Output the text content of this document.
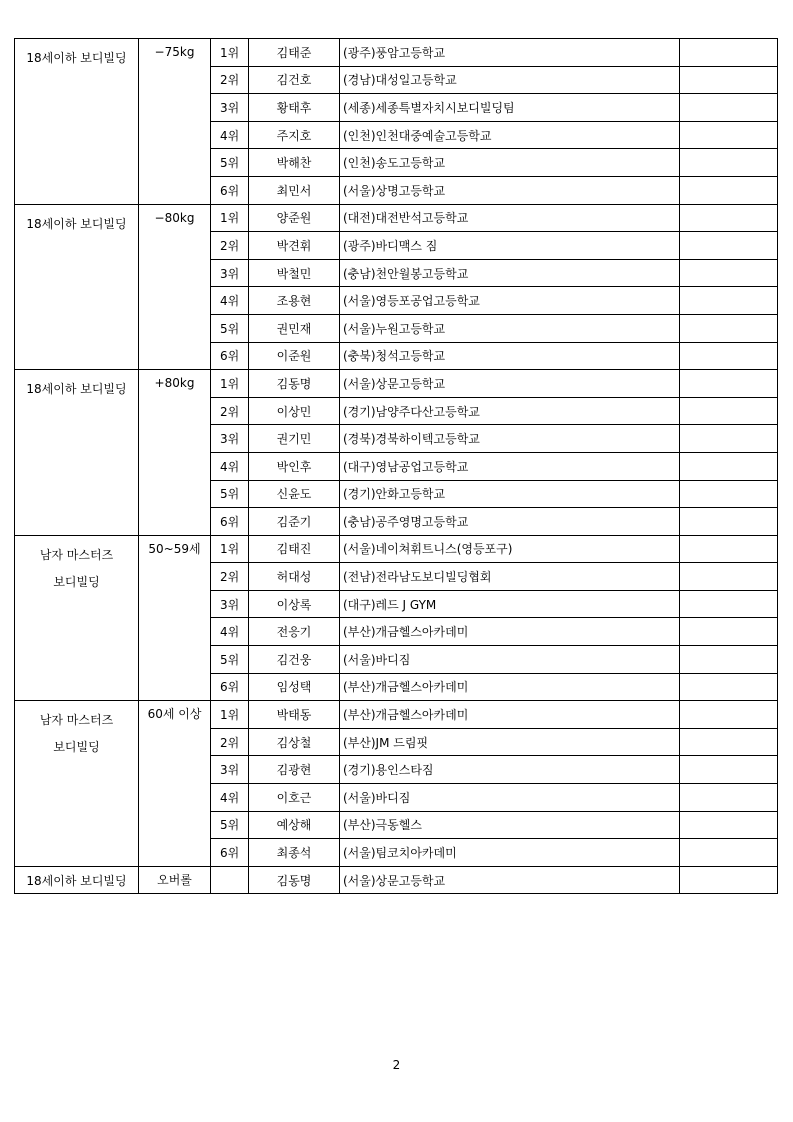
18세이하 보디빌딩	−75kg	1위	김태준	(광주)풍암고등학교	
		2위	김건호	(경남)대성일고등학교	
		3위	황태후	(세종)세종특별자치시보디빌딩팀	
		4위	주지호	(인천)인천대중예술고등학교	
		5위	박해찬	(인천)송도고등학교	
		6위	최민서	(서울)상명고등학교	

18세이하 보디빌딩	−80kg	1위	양준원	(대전)대전반석고등학교	
		2위	박견휘	(광주)바디맥스 짐	
		3위	박철민	(충남)천안월봉고등학교	
		4위	조용현	(서울)영등포공업고등학교	
		5위	권민재	(서울)누원고등학교	
		6위	이준원	(충북)청석고등학교	

18세이하 보디빌딩	+80kg	1위	김동명	(서울)상문고등학교	
		2위	이상민	(경기)남양주다산고등학교	
		3위	권기민	(경북)경북하이텍고등학교	
		4위	박인후	(대구)영남공업고등학교	
		5위	신윤도	(경기)안화고등학교	
		6위	김준기	(충남)공주영명고등학교	

남자 마스터즈
보디빌딩	50~59세	1위	김태진	(서울)네이쳐휘트니스(영등포구)	
		2위	허대성	(전남)전라남도보디빌딩협회	
		3위	이상록	(대구)레드 J GYM	
		4위	전응기	(부산)개금헬스아카데미	
		5위	김건웅	(서울)바디짐	
		6위	임성택	(부산)개금헬스아카데미	

남자 마스터즈
보디빌딩	60세 이상	1위	박태동	(부산)개금헬스아카데미	
		2위	김상철	(부산)JM 드림핏	
		3위	김광현	(경기)용인스타짐	
		4위	이호근	(서울)바디짐	
		5위	예상해	(부산)극동헬스	
		6위	최종석	(서울)팀코치아카데미	

18세이하 보디빌딩	오버롤		김동명	(서울)상문고등학교	
2
